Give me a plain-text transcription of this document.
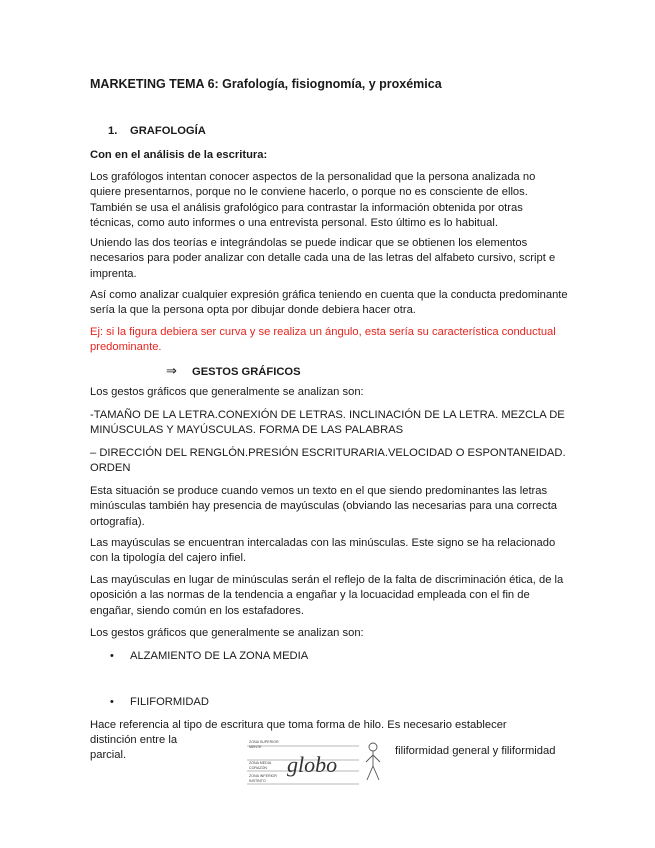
MARKETING TEMA 6: Grafología, fisiognomía, y proxémica

1. GRAFOLOGÍA

Con en el análisis de la escritura:

Los grafólogos intentan conocer aspectos de la personalidad que la persona analizada no quiere presentarnos, porque no le conviene hacerlo, o porque no es consciente de ellos. También se usa el análisis grafológico para contrastar la información obtenida por otras técnicas, como auto informes o una entrevista personal. Esto último es lo habitual.

Uniendo las dos teorías e integrándolas se puede indicar que se obtienen los elementos necesarios para poder analizar con detalle cada una de las letras del alfabeto cursivo, script e imprenta.

Así como analizar cualquier expresión gráfica teniendo en cuenta que la conducta predominante sería la que la persona opta por dibujar donde debiera hacer otra.

Ej: si la figura debiera ser curva y se realiza un ángulo, esta sería su característica conductual predominante.

⇒ GESTOS GRÁFICOS

Los gestos gráficos que generalmente se analizan son:

-TAMAÑO DE LA LETRA.CONEXIÓN DE LETRAS. INCLINACIÓN DE LA LETRA. MEZCLA DE MINÚSCULAS Y MAYÚSCULAS. FORMA DE LAS PALABRAS

– DIRECCIÓN DEL RENGLÓN.PRESIÓN ESCRITURARIA.VELOCIDAD O ESPONTANEIDAD. ORDEN

Esta situación se produce cuando vemos un texto en el que siendo predominantes las letras minúsculas también hay presencia de mayúsculas (obviando las necesarias para una correcta ortografía).

Las mayúsculas se encuentran intercaladas con las minúsculas. Este signo se ha relacionado con la tipología del cajero infiel.

Las mayúsculas en lugar de minúsculas serán el reflejo de la falta de discriminación ética, de la oposición a las normas de la tendencia a engañar y la locuacidad empleada con el fin de engañar, siendo común en los estafadores.

Los gestos gráficos que generalmente se analizan son:

• ALZAMIENTO DE LA ZONA MEDIA
• FILIFORMIDAD

Hace referencia al tipo de escritura que toma forma de hilo. Es necesario establecer

distinción entre la

filiformidad general y filiformidad

parcial.

ZONA SUPERIOR
MENTE
ZONA MEDIA
CORAZÓN
ZONA INFERIOR
INSTINTO
globo
